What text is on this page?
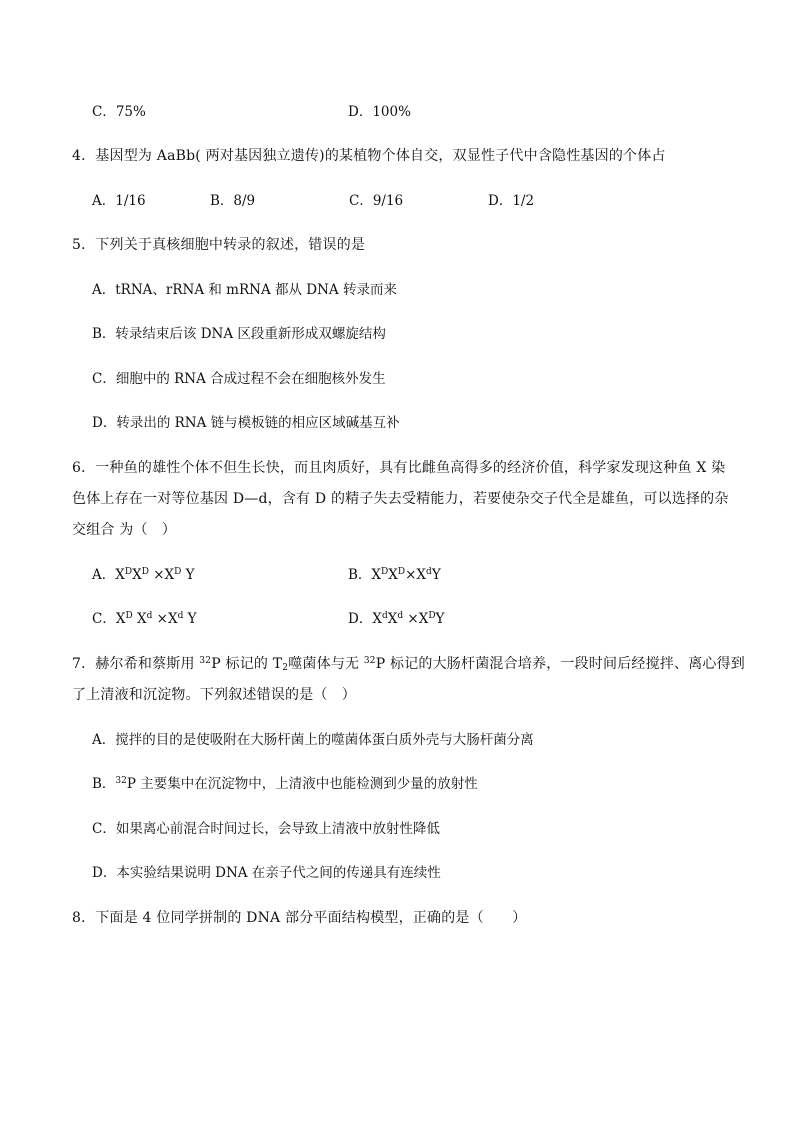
C．75%	D．100%
4．基因型为 AaBb( 两对基因独立遗传)的某植物个体自交，双显性子代中含隐性基因的个体占
A．1/16	B．8/9	C．9/16	D．1/2
5．下列关于真核细胞中转录的叙述，错误的是
A．tRNA、rRNA 和 mRNA 都从 DNA 转录而来
B．转录结束后该 DNA 区段重新形成双螺旋结构
C．细胞中的 RNA 合成过程不会在细胞核外发生
D．转录出的 RNA 链与模板链的相应区域碱基互补
6．一种鱼的雄性个体不但生长快，而且肉质好，具有比雌鱼高得多的经济价值，科学家发现这种鱼 X 染
色体上存在一对等位基因 D—d，含有 D 的精子失去受精能力，若要使杂交子代全是雄鱼，可以选择的杂
交组合 为（　）
A．$X^DX^D \times X^D$ Y	B．$X^DX^D\times X^dY$
C．$X^D$ $X^d \times X^d$ Y	D．$X^dX^d \times X^DY$
7．赫尔希和蔡斯用 $^{32}$P 标记的 $T_2$噬菌体与无 $^{32}$P 标记的大肠杆菌混合培养，一段时间后经搅拌、离心得到
了上清液和沉淀物。下列叙述错误的是（　）
A．搅拌的目的是使吸附在大肠杆菌上的噬菌体蛋白质外壳与大肠杆菌分离
B．$^{32}$P 主要集中在沉淀物中，上清液中也能检测到少量的放射性
C．如果离心前混合时间过长，会导致上清液中放射性降低
D．本实验结果说明 DNA 在亲子代之间的传递具有连续性
8．下面是 4 位同学拼制的 DNA 部分平面结构模型，正确的是（　　）
